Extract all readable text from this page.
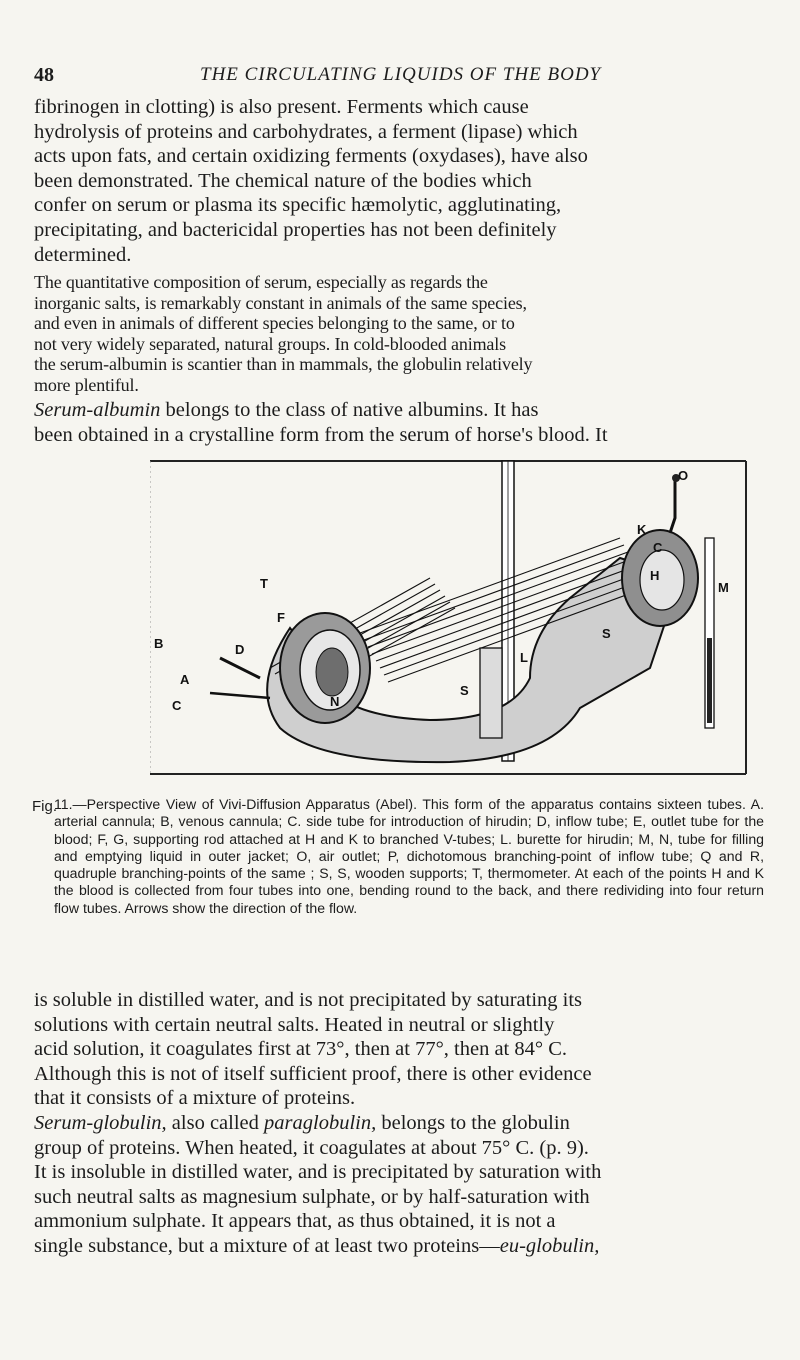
48	THE CIRCULATING LIQUIDS OF THE BODY
fibrinogen in clotting) is also present. Ferments which cause
hydrolysis of proteins and carbohydrates, a ferment (lipase) which
acts upon fats, and certain oxidizing ferments (oxydases), have also
been demonstrated. The chemical nature of the bodies which
confer on serum or plasma its specific hæmolytic, agglutinating,
precipitating, and bactericidal properties has not been definitely
determined.
The quantitative composition of serum, especially as regards the
inorganic salts, is remarkably constant in animals of the same species,
and even in animals of different species belonging to the same, or to
not very widely separated, natural groups. In cold-blooded animals
the serum-albumin is scantier than in mammals, the globulin relatively
more plentiful.
Serum-albumin belongs to the class of native albumins. It has
been obtained in a crystalline form from the serum of horse's blood. It
O
K
C
H
M
T
F
B
S
L
A
D
N
S
C

Fig.
11.—Perspective View of Vivi-Diffusion Apparatus (Abel). This form of the apparatus contains sixteen tubes. A. arterial cannula; B, venous cannula; C. side tube for introduction of hirudin; D, inflow tube; E, outlet tube for the blood; F, G, supporting rod attached at H and K to branched V-tubes; L. burette for hirudin; M, N, tube for filling and emptying liquid in outer jacket; O, air outlet; P, dichotomous branching-point of inflow tube; Q and R, quadruple branching-points of the same ; S, S, wooden supports; T, thermometer. At each of the points H and K the blood is collected from four tubes into one, bending round to the back, and there redividing into four return flow tubes. Arrows show the direction of the flow.

is soluble in distilled water, and is not precipitated by saturating its
solutions with certain neutral salts. Heated in neutral or slightly
acid solution, it coagulates first at 73°, then at 77°, then at 84° C.
Although this is not of itself sufficient proof, there is other evidence
that it consists of a mixture of proteins.
Serum-globulin, also called paraglobulin, belongs to the globulin
group of proteins. When heated, it coagulates at about 75° C. (p. 9).
It is insoluble in distilled water, and is precipitated by saturation with
such neutral salts as magnesium sulphate, or by half-saturation with
ammonium sulphate. It appears that, as thus obtained, it is not a
single substance, but a mixture of at least two proteins—eu-globulin,
